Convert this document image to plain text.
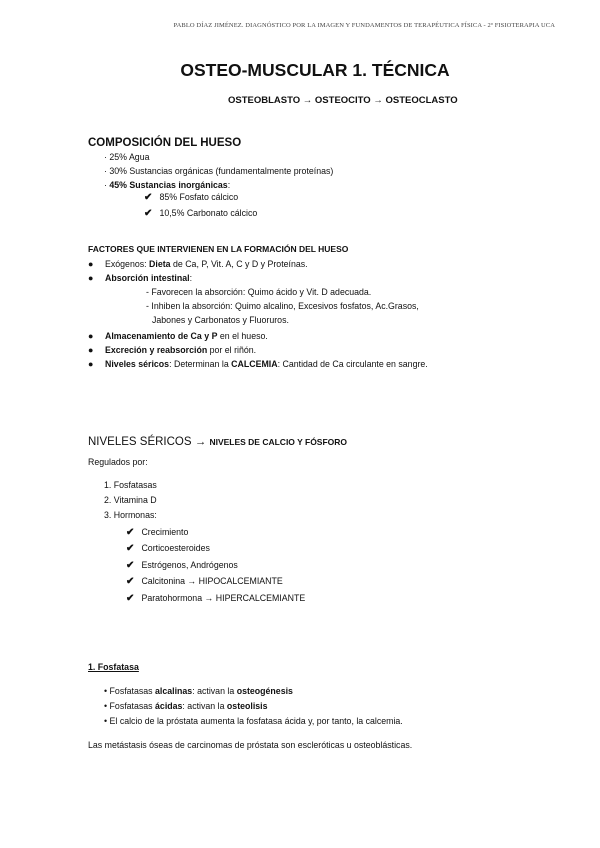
PABLO DÍAZ JIMÉNEZ. DIAGNÓSTICO POR LA IMAGEN Y FUNDAMENTOS DE TERAPÉUTICA FÍSICA - 2º FISIOTERAPIA UCA
OSTEO-MUSCULAR 1. TÉCNICA
OSTEOBLASTO → OSTEOCITO → OSTEOCLASTO
COMPOSICIÓN DEL HUESO
· 25% Agua
· 30% Sustancias orgánicas (fundamentalmente proteínas)
· 45% Sustancias inorgánicas:
✔ 85% Fosfato cálcico
✔ 10,5% Carbonato cálcico
FACTORES QUE INTERVIENEN EN LA FORMACIÓN DEL HUESO
● Exógenos: Dieta de Ca, P, Vit. A, C y D y Proteínas.
● Absorción intestinal:
- Favorecen la absorción: Quimo ácido y Vit. D adecuada.
- Inhiben la absorción: Quimo alcalino, Excesivos fosfatos, Ac.Grasos,
Jabones y Carbonatos y Fluoruros.
● Almacenamiento de Ca y P en el hueso.
● Excreción y reabsorción por el riñón.
● Niveles séricos: Determinan la CALCEMIA: Cantidad de Ca circulante en sangre.
NIVELES SÉRICOS → NIVELES DE CALCIO Y FÓSFORO
Regulados por:
1. Fosfatasas
2. Vitamina D
3. Hormonas:
✔ Crecimiento
✔ Corticoesteroides
✔ Estrógenos, Andrógenos
✔ Calcitonina → HIPOCALCEMIANTE
✔ Paratohormona → HIPERCALCEMIANTE
1. Fosfatasa
• Fosfatasas alcalinas: activan la osteogénesis
• Fosfatasas ácidas: activan la osteolisis
• El calcio de la próstata aumenta la fosfatasa ácida y, por tanto, la calcemia.
Las metástasis óseas de carcinomas de próstata son escleróticas u osteoblásticas.
